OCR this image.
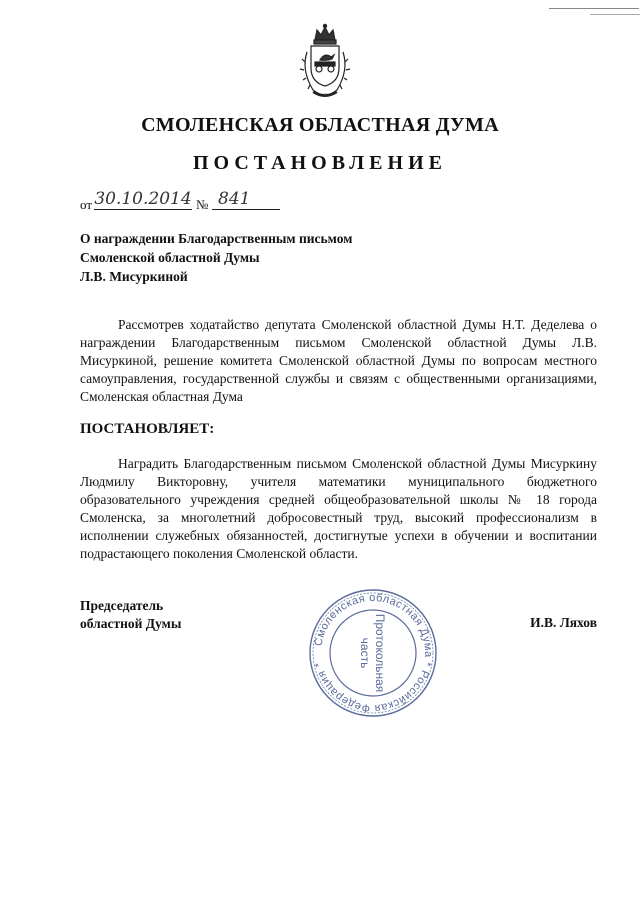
СМОЛЕНСКАЯ ОБЛАСТНАЯ ДУМА
ПОСТАНОВЛЕНИЕ
от 30.10.2014 № 841
О награждении Благодарственным письмом
Смоленской областной Думы
Л.В. Мисуркиной
Рассмотрев ходатайство депутата Смоленской областной Думы Н.Т. Деделева о награждении Благодарственным письмом Смоленской областной Думы Л.В. Мисуркиной, решение комитета Смоленской областной Думы по вопросам местного самоуправления, государственной службы и связям с общественными организациями, Смоленская областная Дума
ПОСТАНОВЛЯЕТ:
Наградить Благодарственным письмом Смоленской областной Думы Мисуркину Людмилу Викторовну, учителя математики муниципального бюджетного образовательного учреждения средней общеобразовательной школы № 18 города Смоленска, за многолетний добросовестный труд, высокий профессионализм в исполнении служебных обязанностей, достигнутые успехи в обучении и воспитании подрастающего поколения Смоленской области.
Председатель
областной Думы	И.В. Ляхов
Смоленская областная Дума * Российская Федерация *	Протокольная
часть
